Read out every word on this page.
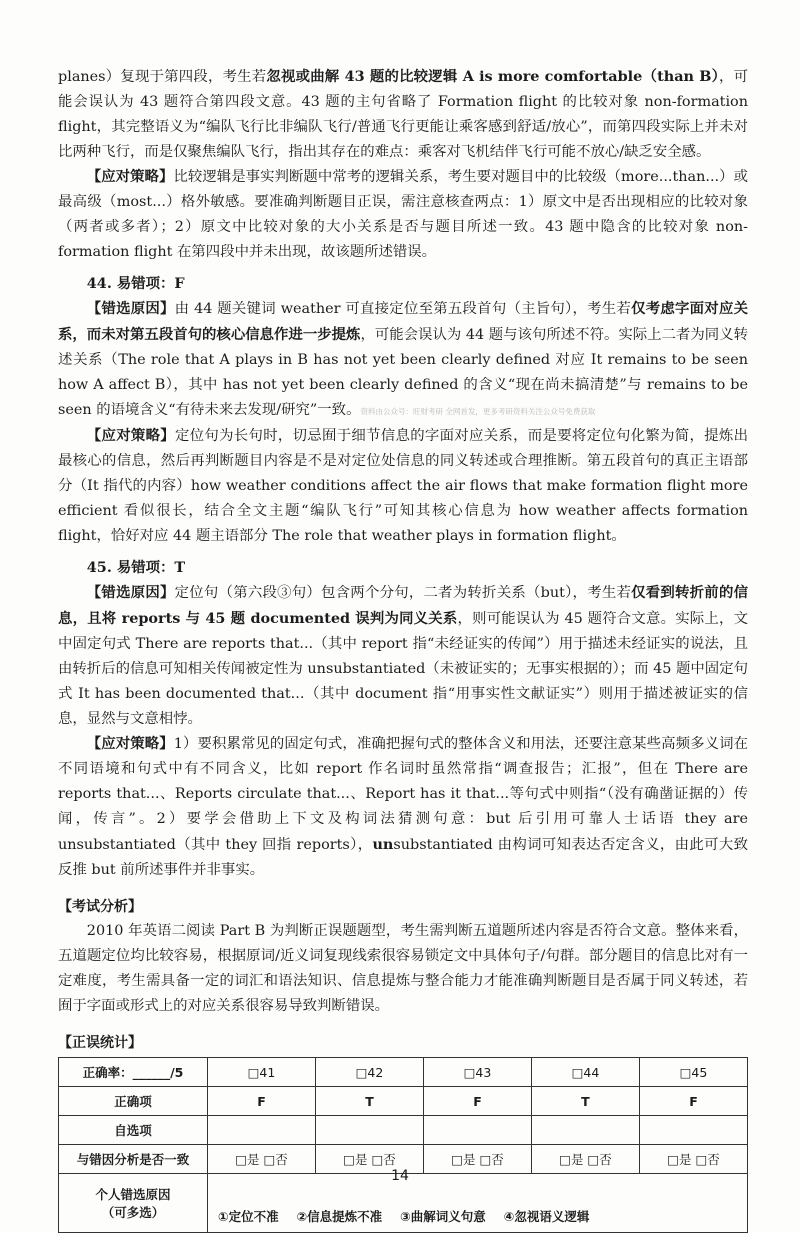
planes）复现于第四段，考生若忽视或曲解 43 题的比较逻辑 A is more comfortable（than B），可能会误认为 43 题符合第四段文意。43 题的主句省略了 Formation flight 的比较对象 non-formation flight，其完整语义为“编队飞行比非编队飞行/普通飞行更能让乘客感到舒适/放心”，而第四段实际上并未对比两种飞行，而是仅聚焦编队飞行，指出其存在的难点：乘客对飞机结伴飞行可能不放心/缺乏安全感。

【应对策略】比较逻辑是事实判断题中常考的逻辑关系，考生要对题目中的比较级（more...than...）或最高级（most...）格外敏感。要准确判断题目正误，需注意核查两点：1）原文中是否出现相应的比较对象（两者或多者）；2）原文中比较对象的大小关系是否与题目所述一致。43 题中隐含的比较对象 non-formation flight 在第四段中并未出现，故该题所述错误。

44. 易错项：F

【错选原因】由 44 题关键词 weather 可直接定位至第五段首句（主旨句），考生若仅考虑字面对应关系，而未对第五段首句的核心信息作进一步提炼，可能会误认为 44 题与该句所述不符。实际上二者为同义转述关系（The role that A plays in B has not yet been clearly defined 对应 It remains to be seen how A affect B），其中 has not yet been clearly defined 的含义“现在尚未搞清楚”与 remains to be seen 的语境含义“有待未来去发现/研究”一致。资料由公众号：旺财考研 全网首发，更多考研资料关注公众号免费获取

【应对策略】定位句为长句时，切忌囿于细节信息的字面对应关系，而是要将定位句化繁为简，提炼出最核心的信息，然后再判断题目内容是不是对定位处信息的同义转述或合理推断。第五段首句的真正主语部分（It 指代的内容）how weather conditions affect the air flows that make formation flight more efficient 看似很长，结合全文主题“编队飞行”可知其核心信息为 how weather affects formation flight，恰好对应 44 题主语部分 The role that weather plays in formation flight。

45. 易错项：T

【错选原因】定位句（第六段③句）包含两个分句，二者为转折关系（but），考生若仅看到转折前的信息，且将 reports 与 45 题 documented 误判为同义关系，则可能误认为 45 题符合文意。实际上，文中固定句式 There are reports that...（其中 report 指“未经证实的传闻”）用于描述未经证实的说法，且由转折后的信息可知相关传闻被定性为 unsubstantiated（未被证实的；无事实根据的）；而 45 题中固定句式 It has been documented that...（其中 document 指“用事实性文献证实”）则用于描述被证实的信息，显然与文意相悖。

【应对策略】1）要积累常见的固定句式，准确把握句式的整体含义和用法，还要注意某些高频多义词在不同语境和句式中有不同含义，比如 report 作名词时虽然常指“调查报告；汇报”，但在 There are reports that...、Reports circulate that...、Report has it that...等句式中则指“（没有确凿证据的）传闻，传言”。2）要学会借助上下文及构词法猜测句意：but 后引用可靠人士话语 they are unsubstantiated（其中 they 回指 reports），unsubstantiated 由构词可知表达否定含义，由此可大致反推 but 前所述事件并非事实。

【考试分析】

2010 年英语二阅读 Part B 为判断正误题题型，考生需判断五道题所述内容是否符合文意。整体来看，五道题定位均比较容易，根据原词/近义词复现线索很容易锁定文中具体句子/句群。部分题目的信息比对有一定难度，考生需具备一定的词汇和语法知识、信息提炼与整合能力才能准确判断题目是否属于同义转述，若囿于字面或形式上的对应关系很容易导致判断错误。

【正误统计】
正确率：______/5	□41	□42	□43	□44	□45
正确项	F	T	F	T	F
自选项					
与错因分析是否一致	□是 □否	□是 □否	□是 □否	□是 □否	□是 □否
个人错选原因
（可多选）	①定位不准 ②信息提炼不准 ③曲解词义句意 ④忽视语义逻辑				
14
